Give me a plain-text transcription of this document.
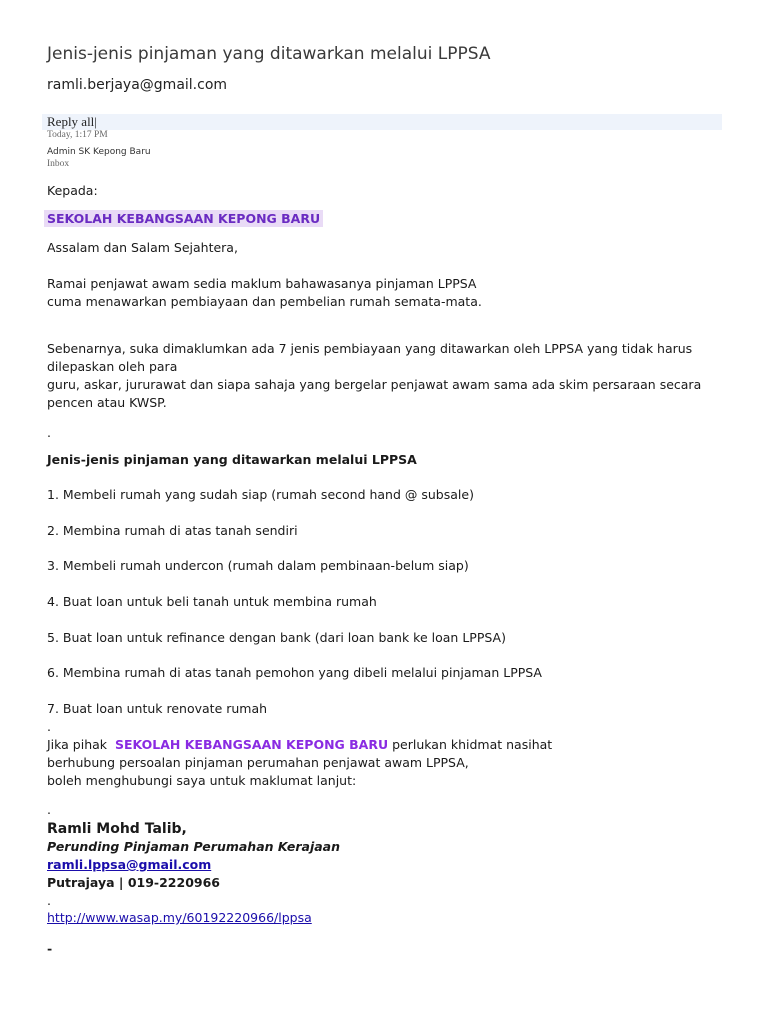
Jenis-jenis pinjaman yang ditawarkan melalui LPPSA
ramli.berjaya@gmail.com
Reply all|
Today, 1:17 PM
Admin SK Kepong Baru
Inbox
Kepada:
SEKOLAH KEBANGSAAN KEPONG BARU
Assalam dan Salam Sejahtera,
Ramai penjawat awam sedia maklum bahawasanya pinjaman LPPSA
cuma menawarkan pembiayaan dan pembelian rumah semata-mata.
Sebenarnya, suka dimaklumkan ada 7 jenis pembiayaan yang ditawarkan oleh LPPSA yang tidak harus
dilepaskan oleh para
guru, askar, jururawat dan siapa sahaja yang bergelar penjawat awam sama ada skim persaraan secara
pencen atau KWSP.
.
Jenis-jenis pinjaman yang ditawarkan melalui LPPSA
1. Membeli rumah yang sudah siap (rumah second hand @ subsale)
2. Membina rumah di atas tanah sendiri
3. Membeli rumah undercon (rumah dalam pembinaan-belum siap)
4. Buat loan untuk beli tanah untuk membina rumah
5. Buat loan untuk refinance dengan bank (dari loan bank ke loan LPPSA)
6. Membina rumah di atas tanah pemohon yang dibeli melalui pinjaman LPPSA
7. Buat loan untuk renovate rumah
.
Jika pihak SEKOLAH KEBANGSAAN KEPONG BARU perlukan khidmat nasihat
berhubung persoalan pinjaman perumahan penjawat awam LPPSA,
boleh menghubungi saya untuk maklumat lanjut:
.
Ramli Mohd Talib,
Perunding Pinjaman Perumahan Kerajaan
ramli.lppsa@gmail.com
Putrajaya | 019-2220966
.
http://www.wasap.my/60192220966/lppsa
-
